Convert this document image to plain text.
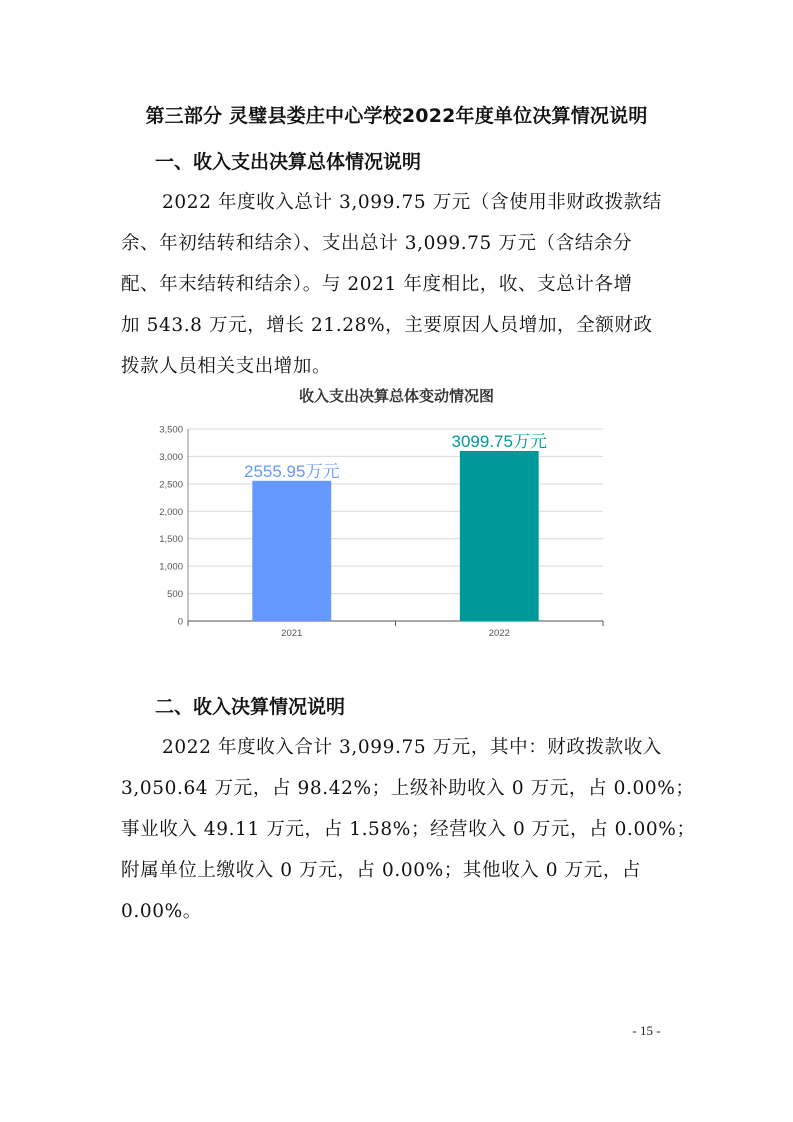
第三部分 灵璧县娄庄中心学校2022年度单位决算情况说明
一、收入支出决算总体情况说明
2022 年度收入总计 3,099.75 万元（含使用非财政拨款结
余、年初结转和结余）、支出总计 3,099.75 万元（含结余分
配、年末结转和结余）。与 2021 年度相比，收、支总计各增
加 543.8 万元，增长 21.28%，主要原因人员增加，全额财政
拨款人员相关支出增加。
收入支出决算总体变动情况图
0
500
1,000
1,500
2,000
2,500
3,000
3,500
2555.95万元
2021
3099.75万元
2022
二、收入决算情况说明
2022 年度收入合计 3,099.75 万元，其中：财政拨款收入
3,050.64 万元，占 98.42%；上级补助收入 0 万元，占 0.00%；
事业收入 49.11 万元，占 1.58%；经营收入 0 万元，占 0.00%；
附属单位上缴收入 0 万元，占 0.00%；其他收入 0 万元，占
0.00%。
- 15 -
